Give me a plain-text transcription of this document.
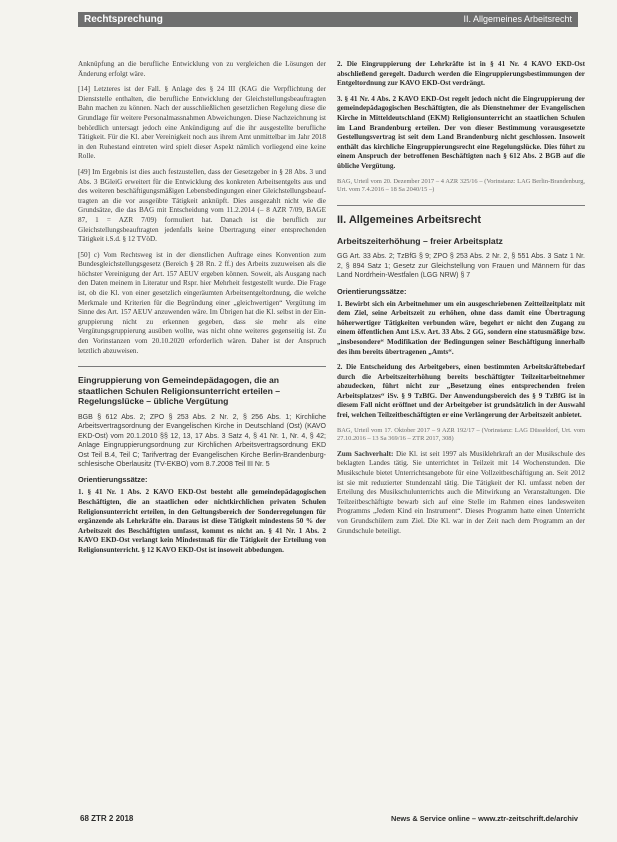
Rechtsprechung	II. Allgemeines Arbeitsrecht

Anknüpfung an die berufliche Entwicklung von zu vergleichen die Lösungen der Änderung erfolgt wäre.

[14] Letzteres ist der Fall. § Anlage des § 24 III (KAG die Verpflichtung der Dienststelle enthalten, die berufliche Entwicklung der Gleichstellungsbeauftragten Bahn machen zu können. Nach der ausschließlichen gesetzlichen Regelung diese die Grundlage für weitere Personalmassnahmen Abweichungen. Diese Nachzeichnung ist behördlich untersagt jedoch eine Ankündigung auf die ihr ausgestellte berufliche Tätigkeit. Für die Kl. aber Vereinigkeit noch aus ihrem Amt unmittelbar im Jahr 2018 in den Ruhestand eintreten wird spielt dieser Aspekt nämlich vorliegend eine keine Rolle.

[49] Im Ergebnis ist dies auch festzustellen, dass der Gesetzgeber in § 28 Abs. 3 und Abs. 3 BGleiG erweitert für die Entwicklung des konkreten Arbeitsentgelts aus und des weiteren beschäftigungsmäßigen Lebensbedingungen einer Gleichstellungsbeauftragten an die vor ausgeübte Tätigkeit anknüpft. Dies ausgezahlt nicht wie die Grundsätze, die das BAG mit Entscheidung vom 11.2.2014 (– 8 AZR 7/09, BAGE 87, 1 = AZR 7/09) formuliert hat. Danach ist die beruflich zur Gleichstellungsbeauftragten jedenfalls keine Übertragung einer entsprechenden Tätigkeit i.S.d. § 12 TVöD.

[50] c) Vom Rechtsweg ist in der dienstlichen Auftrage eines Konvention zum Bundesgleichstellungsgesetz (Bereich § 28 Rn. 2 ff.) des Arbeits zuzuweisen als die höchster Vereinigung der Art. 157 AEUV ergeben können. Soweit, als Ausgang nach den Daten meinem in Literatur und Rspr. hier Mehrheit festgestellt wurde. Die Frage ist, ob die Kl. von einer gesetzlich eingeräumten Arbeitsentgeltordnung, die welche Merkmale und Kriterien für die Begründung einer „gleichwertigen“ Vergütung im Sinne des Art. 157 AEUV anzuwenden wäre. Im Übrigen hat die Kl. selbst in der Eingruppierung nicht zu erkennen gegeben, dass sie mehr als eine Vergütungsgruppierung ausüben wollte, was nicht ohne weiteres gegenseitig ist. Zu den Vorinstanzen vom 20.10.2020 erforderlich wären. Daher ist der Anspruch letztlich abzuweisen.

Eingruppierung von Gemeindepädagogen, die an staatlichen Schulen Religionsunterricht erteilen – Regelungslücke – übliche Vergütung

BGB § 612 Abs. 2; ZPO § 253 Abs. 2 Nr. 2, § 256 Abs. 1; Kirchliche Arbeitsvertragsordnung der Evangelischen Kirche in Deutschland (Ost) (KAVO EKD-Ost) vom 20.1.2010 §§ 12, 13, 17 Abs. 3 Satz 4, § 41 Nr. 1, Nr. 4, § 42; Anlage Eingruppierungsordnung zur Kirchlichen Arbeitsvertragsordnung EKD Ost Teil B.4, Teil C; Tarifvertrag der Evangelischen Kirche Berlin-Brandenburg-schlesische Oberlausitz (TV-EKBO) vom 8.7.2008 Teil III Nr. 5

Orientierungssätze:

1. § 41 Nr. 1 Abs. 2 KAVO EKD-Ost besteht alle gemeindepädagogischen Beschäftigten, die an staatlichen oder nichtkirchlichen privaten Schulen Religionsunterricht erteilen, in den Geltungsbereich der Sonderregelungen für ergänzende als Lehrkräfte ein. Daraus ist diese Tätigkeit mindestens 50 % der Arbeitszeit des Beschäftigten umfasst, kommt es nicht an. § 41 Nr. 1 Abs. 2 KAVO EKD-Ost verlangt kein Mindestmaß für die Tätigkeit der Erteilung von Religionsunterricht. § 12 KAVO EKD-Ost ist insoweit abbedungen.

2. Die Eingruppierung der Lehrkräfte ist in § 41 Nr. 4 KAVO EKD-Ost abschließend geregelt. Dadurch werden die Eingruppierungsbestimmungen der Entgeltordnung zur KAVO EKD-Ost verdrängt.

3. § 41 Nr. 4 Abs. 2 KAVO EKD-Ost regelt jedoch nicht die Eingruppierung der gemeindepädagogischen Beschäftigten, die als Dienstnehmer der Evangelischen Kirche in Mitteldeutschland (EKM) Religionsunterricht an staatlichen Schulen im Land Brandenburg erteilen. Der von dieser Bestimmung vorausgesetzte Gestellungsvertrag ist seit dem Land Brandenburg nicht geschlossen. Insoweit enthält das kirchliche Eingruppierungsrecht eine Regelungslücke. Dies führt zu einem Anspruch der betroffenen Beschäftigten nach § 612 Abs. 2 BGB auf die übliche Vergütung.

BAG, Urteil vom 20. Dezember 2017 – 4 AZR 325/16 – (Vorinstanz: LAG Berlin-Brandenburg, Urt. vom 7.4.2016 – 18 Sa 2040/15 –)

II. Allgemeines Arbeitsrecht
Arbeitszeiterhöhung – freier Arbeitsplatz

GG Art. 33 Abs. 2; TzBfG § 9; ZPO § 253 Abs. 2 Nr. 2, § 551 Abs. 3 Satz 1 Nr. 2, § 894 Satz 1; Gesetz zur Gleichstellung von Frauen und Männern für das Land Nordrhein-Westfalen (LGG NRW) § 7

Orientierungssätze:

1. Bewirbt sich ein Arbeitnehmer um ein ausgeschriebenen Zeitteilzeitplatz mit dem Ziel, seine Arbeitszeit zu erhöhen, ohne dass damit eine Übertragung höherwertiger Tätigkeiten verbunden wäre, begehrt er nicht den Zugang zu einem öffentlichen Amt i.S.v. Art. 33 Abs. 2 GG, sondern eine statusmäßige bzw. „insbesondere“ Modifikation der Bedingungen seiner Beschäftigung innerhalb des ihm bereits übertragenen „Amts“.

2. Die Entscheidung des Arbeitgebers, einen bestimmten Arbeitskräftebedarf durch die Arbeitszeiterhöhung bereits beschäftigter Teilzeitarbeitnehmer abzudecken, führt nicht zur „Besetzung eines entsprechenden freien Arbeitsplatzes“ iSv. § 9 TzBfG. Der Anwendungsbereich des § 9 TzBfG ist in diesem Fall nicht eröffnet und der Arbeitgeber ist grundsätzlich in der Auswahl frei, welchen Teilzeitbeschäftigten er eine Verlängerung der Arbeitszeit anbietet.

BAG, Urteil vom 17. Oktober 2017 – 9 AZR 192/17 – (Vorinstanz: LAG Düsseldorf, Urt. vom 27.10.2016 – 13 Sa 369/16 – ZTR 2017, 308)

Zum Sachverhalt: Die Kl. ist seit 1997 als Musiklehrkraft an der Musikschule des beklagten Landes tätig. Sie unterrichtet in Teilzeit mit 14 Wochenstunden. Die Musikschule bietet Unterrichtsangebote für eine Vollzeitbeschäftigung an. Seit 2012 ist sie mit reduzierter Stundenzahl tätig. Die Tätigkeit der Kl. umfasst neben der Erteilung des Musikschulunterrichts auch die Mitwirkung an Veranstaltungen. Die Teilzeitbeschäftigte bewarb sich auf eine Stelle im Rahmen eines landesweiten Programms „Jedem Kind ein Instrument“. Dieses Programm hatte einen Unterricht von Grundschülern zum Ziel. Die Kl. war in der Zeit nach dem Programm an der Grundschule beteiligt.

68 ZTR 2 2018	News & Service online – www.ztr-zeitschrift.de/archiv
